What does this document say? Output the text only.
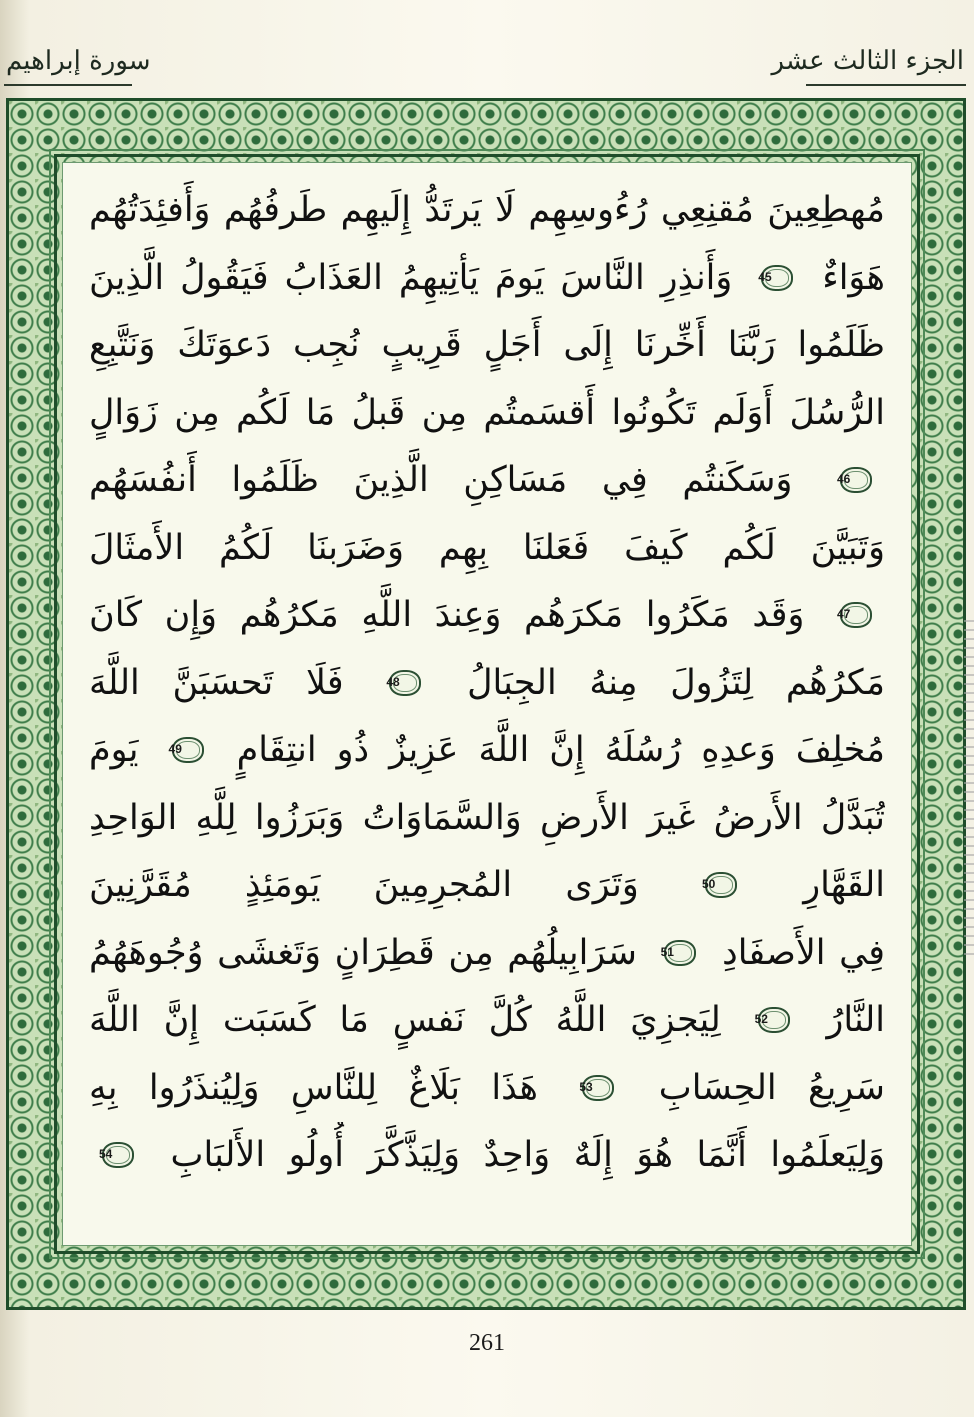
سورة إبراهيم	الجزء الثالث عشر
مُهطِعِينَ مُقنِعِي رُءُوسِهِم لَا يَرتَدُّ إِلَيهِم طَرفُهُم وَأَفئِدَتُهُم
هَوَاءٌ
45
وَأَنذِرِ النَّاسَ يَومَ يَأتِيهِمُ العَذَابُ فَيَقُولُ الَّذِينَ
ظَلَمُوا رَبَّنَا أَخِّرنَا إِلَى أَجَلٍ قَرِيبٍ نُجِب دَعوَتَكَ وَنَتَّبِعِ
الرُّسُلَ أَوَلَم تَكُونُوا أَقسَمتُم مِن قَبلُ مَا لَكُم مِن زَوَالٍ
46
وَسَكَنتُم فِي مَسَاكِنِ الَّذِينَ ظَلَمُوا أَنفُسَهُم
وَتَبَيَّنَ لَكُم كَيفَ فَعَلنَا بِهِم وَضَرَبنَا لَكُمُ الأَمثَالَ
47
وَقَد مَكَرُوا مَكرَهُم وَعِندَ اللَّهِ مَكرُهُم وَإِن كَانَ
مَكرُهُم لِتَزُولَ مِنهُ الجِبَالُ
48
فَلَا تَحسَبَنَّ اللَّهَ
مُخلِفَ وَعدِهِ رُسُلَهُ إِنَّ اللَّهَ عَزِيزٌ ذُو انتِقَامٍ
49
يَومَ
تُبَدَّلُ الأَرضُ غَيرَ الأَرضِ وَالسَّمَاوَاتُ وَبَرَزُوا لِلَّهِ الوَاحِدِ
القَهَّارِ
50
وَتَرَى المُجرِمِينَ يَومَئِذٍ مُقَرَّنِينَ
فِي الأَصفَادِ
51
سَرَابِيلُهُم مِن قَطِرَانٍ وَتَغشَى وُجُوهَهُمُ
النَّارُ
52
لِيَجزِيَ اللَّهُ كُلَّ نَفسٍ مَا كَسَبَت إِنَّ اللَّهَ
سَرِيعُ الحِسَابِ
53
هَذَا بَلَاغٌ لِلنَّاسِ وَلِيُنذَرُوا بِهِ
وَلِيَعلَمُوا أَنَّمَا هُوَ إِلَهٌ وَاحِدٌ وَلِيَذَّكَّرَ أُولُو الأَلبَابِ
54
261
